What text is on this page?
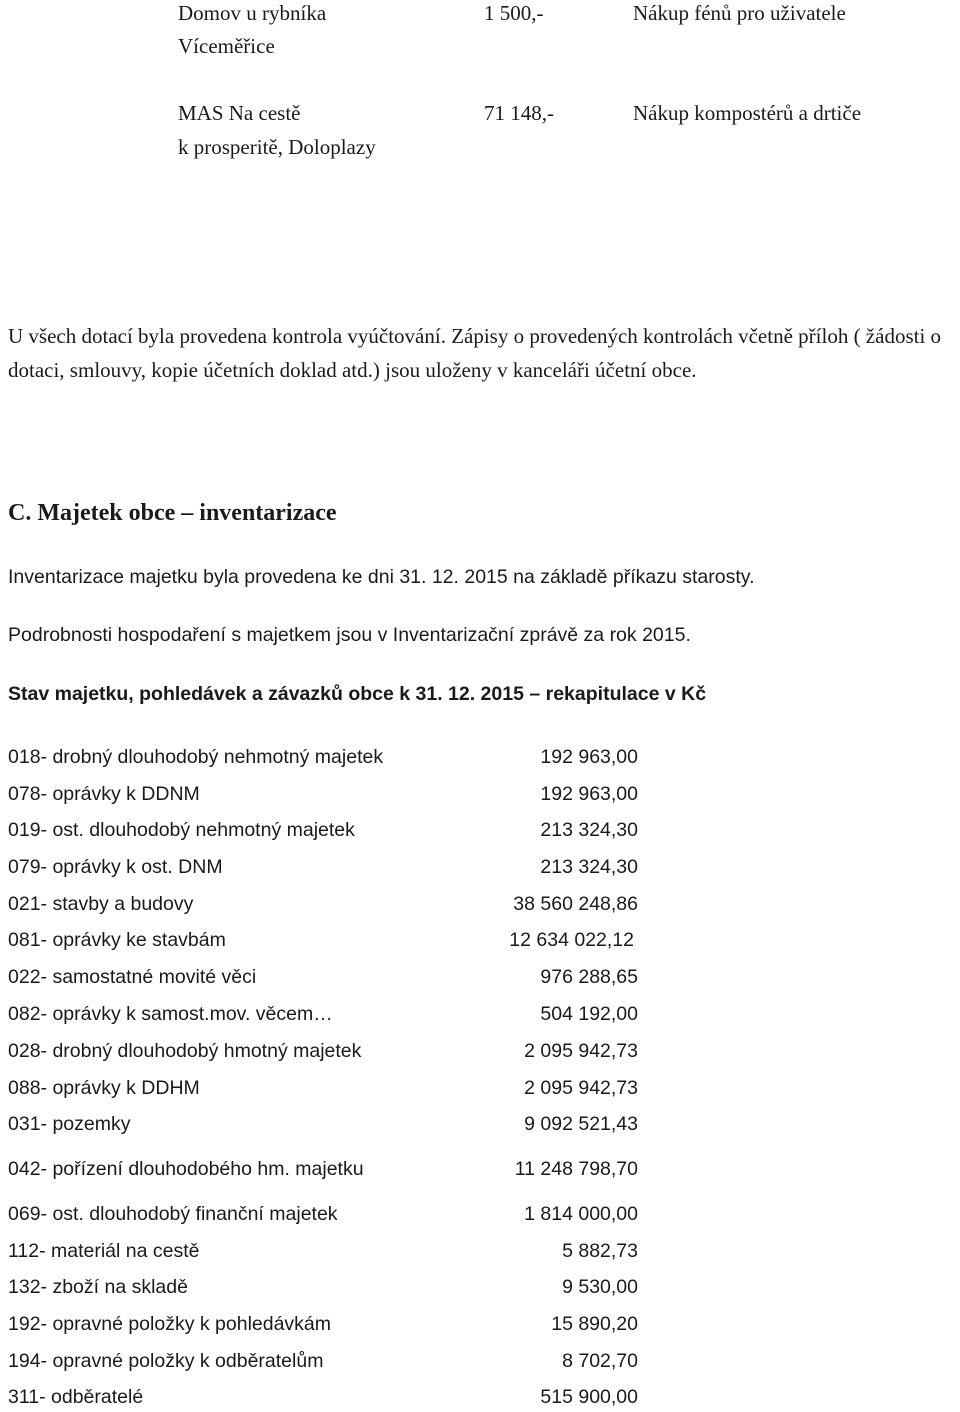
Domov u rybníka
Víceměřice
1 500,-	Nákup fénů pro uživatele
MAS Na cestě
k prosperitě, Doloplazy
71 148,-	Nákup kompostérů a drtiče
U všech dotací byla provedena kontrola vyúčtování. Zápisy o provedených kontrolách včetně příloh ( žádosti o dotaci, smlouvy, kopie účetních doklad atd.) jsou uloženy v kanceláři účetní obce.
C. Majetek obce – inventarizace
Inventarizace majetku byla provedena ke dni 31. 12. 2015 na základě příkazu starosty.
Podrobnosti hospodaření s majetkem jsou v Inventarizační zprávě za rok 2015.
Stav majetku, pohledávek a závazků obce k 31. 12. 2015 – rekapitulace v Kč
018- drobný dlouhodobý nehmotný majetek	192 963,00
078- oprávky k DDNM	192 963,00
019- ost. dlouhodobý nehmotný majetek	213 324,30
079- oprávky k ost. DNM	213 324,30
021- stavby a budovy	38 560 248,86
081- oprávky ke stavbám	12 634 022,12
022- samostatné movité věci	976 288,65
082- oprávky k samost.mov. věcem…	504 192,00
028- drobný dlouhodobý hmotný majetek	2 095 942,73
088- oprávky k DDHM	2 095 942,73
031- pozemky	9 092 521,43
042- pořízení dlouhodobého hm. majetku	11 248 798,70
069- ost. dlouhodobý finanční majetek	1 814 000,00
112- materiál na cestě	5 882,73
132- zboží na skladě	9 530,00
192- opravné položky k pohledávkám	15 890,20
194- opravné položky k odběratelům	8 702,70
311- odběratelé	515 900,00
